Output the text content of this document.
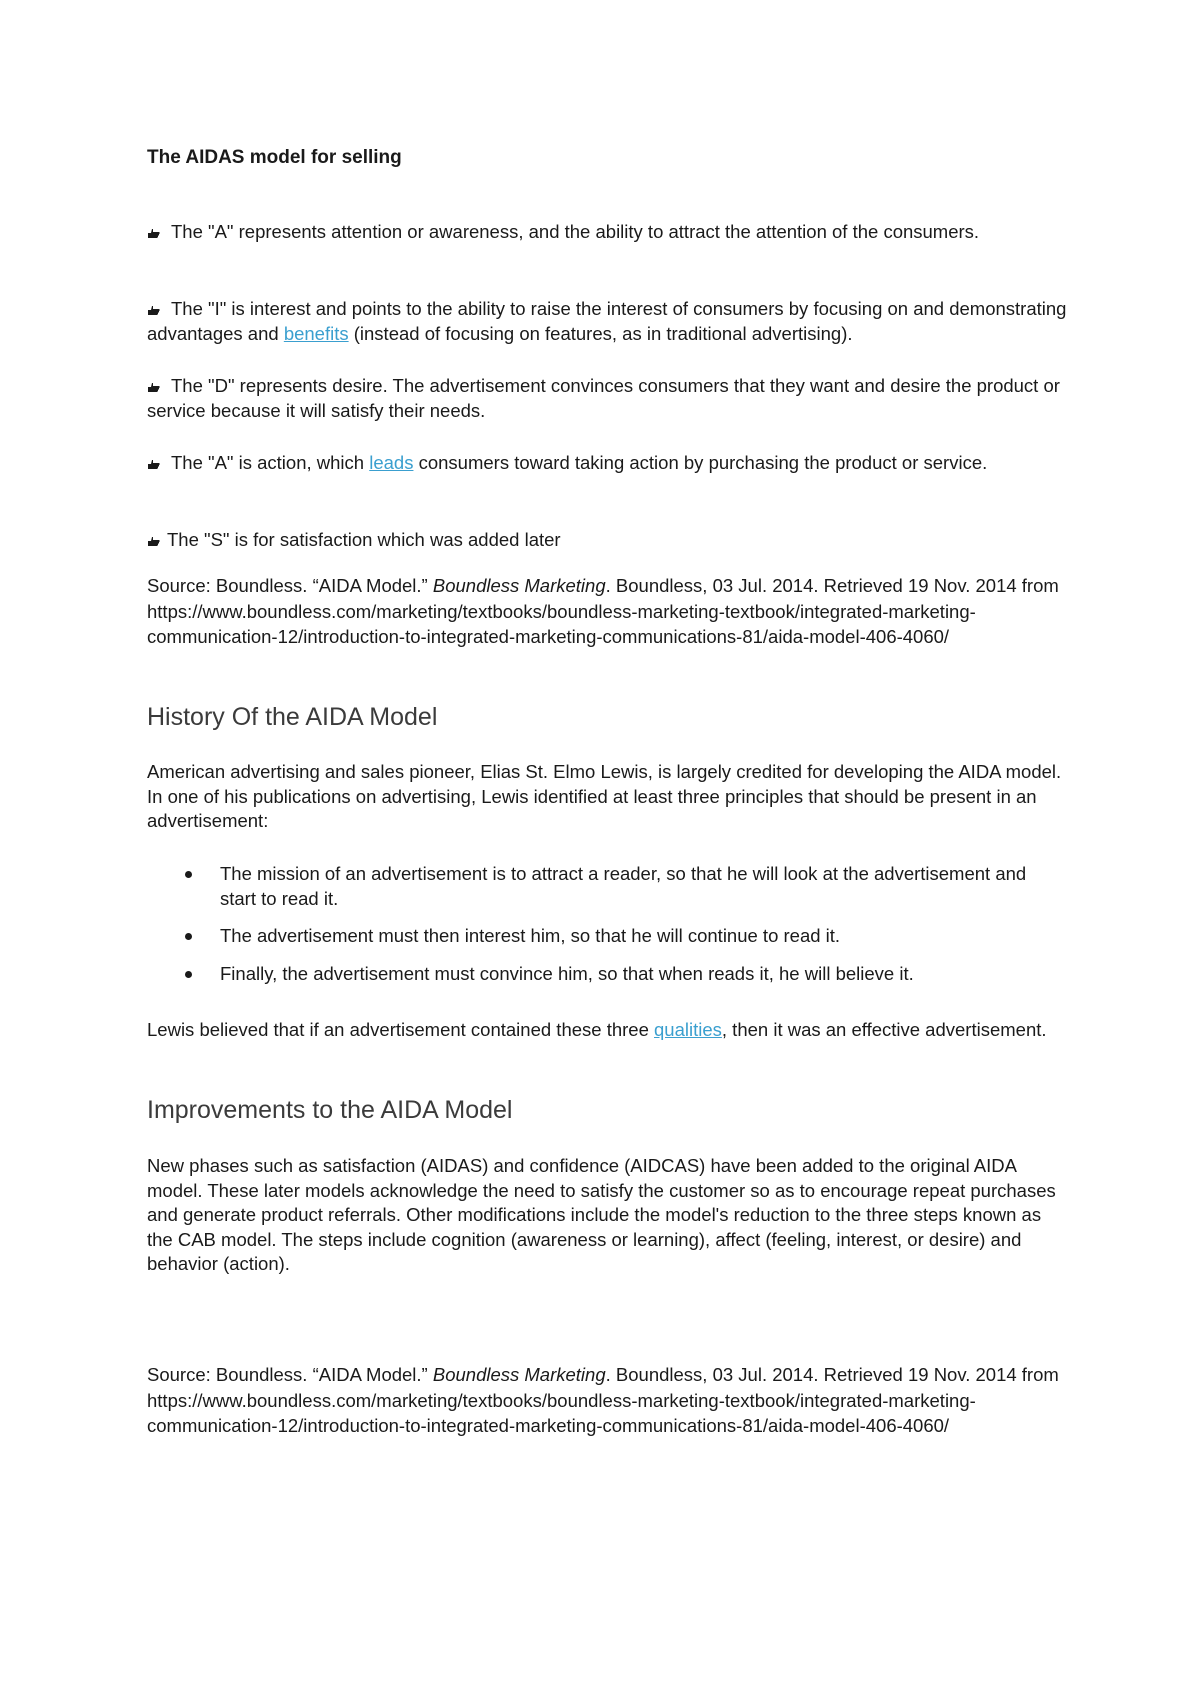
The AIDAS model for selling

The "A" represents attention or awareness, and the ability to attract the attention of the consumers.

The "I" is interest and points to the ability to raise the interest of consumers by focusing on and demonstrating advantages and benefits (instead of focusing on features, as in traditional advertising).

The "D" represents desire. The advertisement convinces consumers that they want and desire the product or service because it will satisfy their needs.

The "A" is action, which leads consumers toward taking action by purchasing the product or service.

The "S" is for satisfaction which was added later

Source: Boundless. “AIDA Model.” Boundless Marketing. Boundless, 03 Jul. 2014. Retrieved 19 Nov. 2014 from https://www.boundless.com/marketing/textbooks/boundless-marketing-textbook/integrated-marketing-communication-12/introduction-to-integrated-marketing-communications-81/aida-model-406-4060/

History Of the AIDA Model

American advertising and sales pioneer, Elias St. Elmo Lewis, is largely credited for developing the AIDA model. In one of his publications on advertising, Lewis identified at least three principles that should be present in an advertisement:

The mission of an advertisement is to attract a reader, so that he will look at the advertisement and start to read it.
The advertisement must then interest him, so that he will continue to read it.
Finally, the advertisement must convince him, so that when reads it, he will believe it.

Lewis believed that if an advertisement contained these three qualities, then it was an effective advertisement.

Improvements to the AIDA Model

New phases such as satisfaction (AIDAS) and confidence (AIDCAS) have been added to the original AIDA model. These later models acknowledge the need to satisfy the customer so as to encourage repeat purchases and generate product referrals. Other modifications include the model's reduction to the three steps known as the CAB model. The steps include cognition (awareness or learning), affect (feeling, interest, or desire) and behavior (action).

Source: Boundless. “AIDA Model.” Boundless Marketing. Boundless, 03 Jul. 2014. Retrieved 19 Nov. 2014 from https://www.boundless.com/marketing/textbooks/boundless-marketing-textbook/integrated-marketing-communication-12/introduction-to-integrated-marketing-communications-81/aida-model-406-4060/
